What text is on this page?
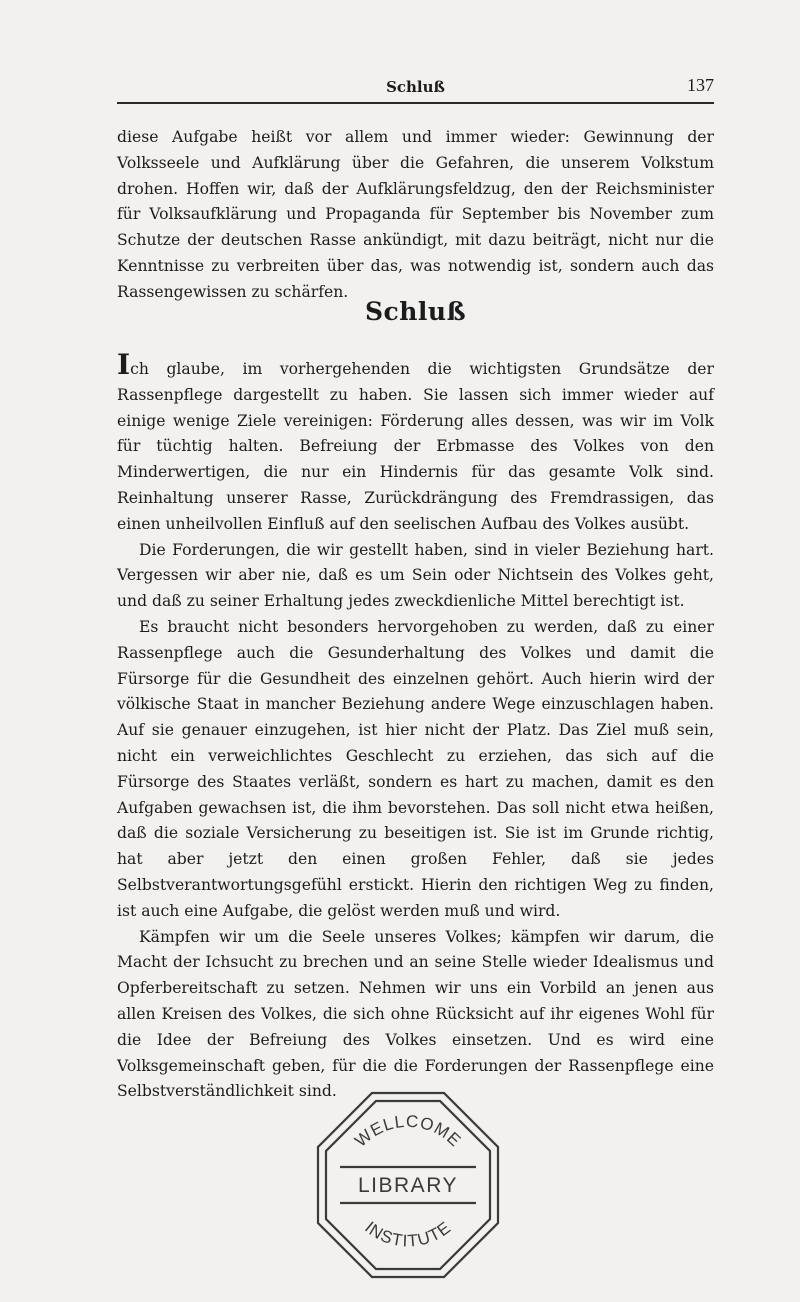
Schluß	137

diese Aufgabe heißt vor allem und immer wieder: Gewinnung der Volksseele und Aufklärung über die Gefahren, die unserem Volkstum drohen. Hoffen wir, daß der Aufklärungsfeldzug, den der Reichsminister für Volksaufklärung und Propaganda für September bis November zum Schutze der deutschen Rasse ankündigt, mit dazu beiträgt, nicht nur die Kenntnisse zu verbreiten über das, was notwendig ist, sondern auch das Rassengewissen zu schärfen.

Schluß

Ich glaube, im vorhergehenden die wichtigsten Grundsätze der Rassenpflege dargestellt zu haben. Sie lassen sich immer wieder auf einige wenige Ziele vereinigen: Förderung alles dessen, was wir im Volk für tüchtig halten. Befreiung der Erbmasse des Volkes von den Minderwertigen, die nur ein Hindernis für das gesamte Volk sind. Reinhaltung unserer Rasse, Zurückdrängung des Fremdrassigen, das einen unheilvollen Einfluß auf den seelischen Aufbau des Volkes ausübt.

Die Forderungen, die wir gestellt haben, sind in vieler Beziehung hart. Vergessen wir aber nie, daß es um Sein oder Nichtsein des Volkes geht, und daß zu seiner Erhaltung jedes zweckdienliche Mittel berechtigt ist.

Es braucht nicht besonders hervorgehoben zu werden, daß zu einer Rassenpflege auch die Gesunderhaltung des Volkes und damit die Fürsorge für die Gesundheit des einzelnen gehört. Auch hierin wird der völkische Staat in mancher Beziehung andere Wege einzuschlagen haben. Auf sie genauer einzugehen, ist hier nicht der Platz. Das Ziel muß sein, nicht ein verweichlichtes Geschlecht zu erziehen, das sich auf die Fürsorge des Staates verläßt, sondern es hart zu machen, damit es den Aufgaben gewachsen ist, die ihm bevorstehen. Das soll nicht etwa heißen, daß die soziale Versicherung zu beseitigen ist. Sie ist im Grunde richtig, hat aber jetzt den einen großen Fehler, daß sie jedes Selbstverantwortungsgefühl erstickt. Hierin den richtigen Weg zu finden, ist auch eine Aufgabe, die gelöst werden muß und wird.

Kämpfen wir um die Seele unseres Volkes; kämpfen wir darum, die Macht der Ichsucht zu brechen und an seine Stelle wieder Idealismus und Opferbereitschaft zu setzen. Nehmen wir uns ein Vorbild an jenen aus allen Kreisen des Volkes, die sich ohne Rücksicht auf ihr eigenes Wohl für die Idee der Befreiung des Volkes einsetzen. Und es wird eine Volksgemeinschaft geben, für die die Forderungen der Rassenpflege eine Selbstverständlichkeit sind.

WELLCOME
LIBRARY
INSTITUTE
